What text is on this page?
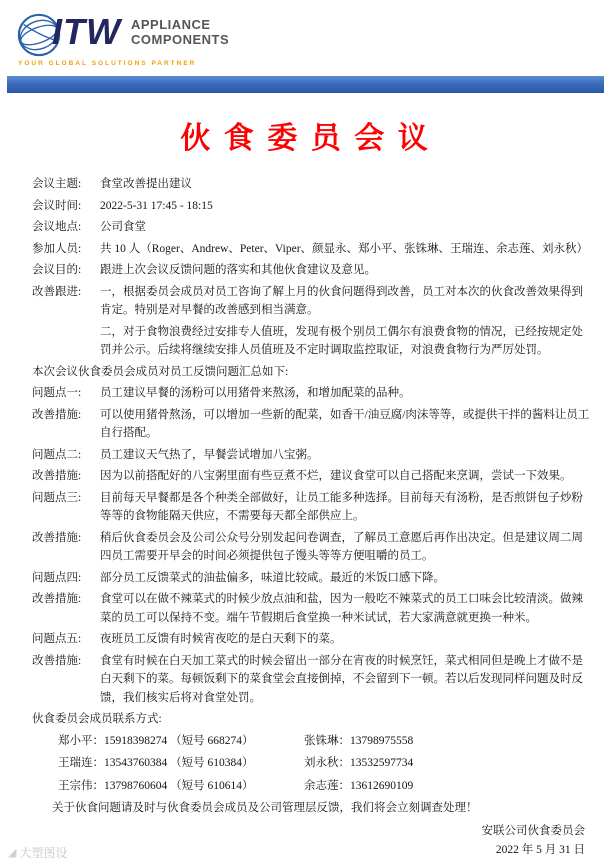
ITW APPLIANCE
COMPONENTS
YOUR GLOBAL SOLUTIONS PARTNER
伙 食 委 员 会 议
会议主题:	食堂改善提出建议
会议时间:	2022-5-31 17:45 - 18:15
会议地点:	公司食堂
参加人员:	共 10 人（Roger、Andrew、Peter、Viper、颜显永、郑小平、张铢琳、王瑞连、余志莲、刘永秋）
会议目的:	跟进上次会议反馈问题的落实和其他伙食建议及意见。
改善跟进:	一，根据委员会成员对员工咨询了解上月的伙食问题得到改善，员工对本次的伙食改善效果得到肯定。特别是对早餐的改善感到相当满意。
二，对于食物浪费经过安排专人值班，发现有极个别员工偶尔有浪费食物的情况，已经按规定处罚并公示。后续将继续安排人员值班及不定时调取监控取证，对浪费食物行为严厉处罚。
本次会议伙食委员会成员对员工反馈问题汇总如下:
问题点一:	员工建议早餐的汤粉可以用猪骨来熬汤，和增加配菜的品种。
改善措施:	可以使用猪骨熬汤，可以增加一些新的配菜，如香干/油豆腐/肉沫等等，或提供干拌的酱料让员工自行搭配。
问题点二:	员工建议天气热了，早餐尝试增加八宝粥。
改善措施:	因为以前搭配好的八宝粥里面有些豆煮不烂，建议食堂可以自己搭配来烹调，尝试一下效果。
问题点三:	目前每天早餐都是各个种类全部做好，让员工能多种选择。目前每天有汤粉，是否煎饼包子炒粉等等的食物能隔天供应，不需要每天都全部供应上。
改善措施:	稍后伙食委员会及公司公众号分别发起问卷调查，了解员工意愿后再作出决定。但是建议周二周四员工需要开早会的时间必须提供包子馒头等等方便咀嚼的员工。
问题点四:	部分员工反馈菜式的油盐偏多，味道比较咸。最近的米饭口感下降。
改善措施:	食堂可以在做不辣菜式的时候少放点油和盐，因为一般吃不辣菜式的员工口味会比较清淡。做辣菜的员工可以保持不变。端午节假期后食堂换一种米试试，若大家满意就更换一种米。
问题点五:	夜班员工反馈有时候宵夜吃的是白天剩下的菜。
改善措施:	食堂有时候在白天加工菜式的时候会留出一部分在宵夜的时候烹饪，菜式相同但是晚上才做不是白天剩下的菜。每顿饭剩下的菜食堂会直接倒掉，不会留到下一顿。若以后发现同样问题及时反馈，我们核实后将对食堂处罚。
伙食委员会成员联系方式:
郑小平：15918398274 （短号 668274）	张铢琳：13798975558
王瑞连：13543760384 （短号 610384）	刘永秋：13532597734
王宗伟：13798760604 （短号 610614）	余志莲：13612690109
关于伙食问题请及时与伙食委员会成员及公司管理层反馈，我们将会立刻调查处理！
安联公司伙食委员会
2022 年 5 月 31 日
◢ 大塑图设
